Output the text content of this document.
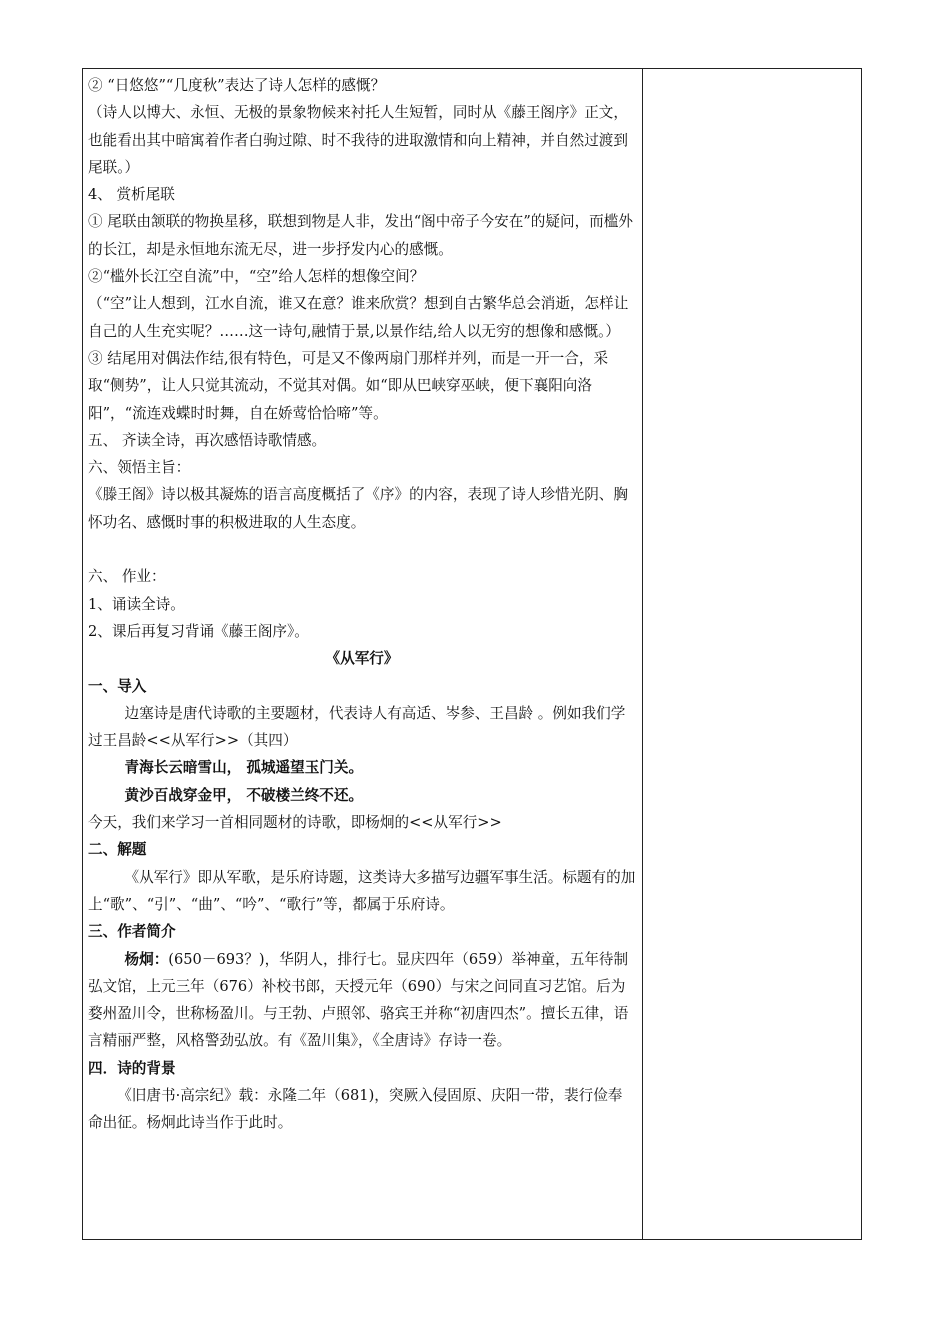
② “日悠悠”“几度秋”表达了诗人怎样的感慨？

（诗人以博大、永恒、无极的景象物候来衬托人生短暂，同时从《藤王阁序》正文，也能看出其中暗寓着作者白驹过隙、时不我待的进取激情和向上精神，并自然过渡到尾联。）

4、 赏析尾联

① 尾联由颔联的物换星移，联想到物是人非，发出“阁中帝子今安在”的疑问，而槛外的长江，却是永恒地东流无尽，进一步抒发内心的感慨。

②“槛外长江空自流”中，“空”给人怎样的想像空间？

（“空”让人想到，江水自流，谁又在意？谁来欣赏？想到自古繁华总会消逝，怎样让自己的人生充实呢？……这一诗句,融情于景,以景作结,给人以无穷的想像和感慨。）

③ 结尾用对偶法作结,很有特色，可是又不像两扇门那样并列，而是一开一合，采取“侧势”，让人只觉其流动，不觉其对偶。如“即从巴峡穿巫峡，便下襄阳向洛阳”，“流连戏蝶时时舞，自在娇莺恰恰啼”等。

五、 齐读全诗，再次感悟诗歌情感。

六、领悟主旨：

《滕王阁》诗以极其凝炼的语言高度概括了《序》的内容，表现了诗人珍惜光阴、胸怀功名、感慨时事的积极进取的人生态度。

六、 作业：

1、诵读全诗。

2、课后再复习背诵《藤王阁序》。

《从军行》

一、导入

边塞诗是唐代诗歌的主要题材，代表诗人有高适、岑参、王昌龄 。例如我们学过王昌龄<<从军行>>（其四）

青海长云暗雪山， 孤城遥望玉门关。

黄沙百战穿金甲， 不破楼兰终不还。

今天，我们来学习一首相同题材的诗歌，即杨炯的<<从军行>>

二、解题

《从军行》即从军歌，是乐府诗题，这类诗大多描写边疆军事生活。标题有的加上“歌”、“引”、“曲”、“吟”、“歌行”等，都属于乐府诗。

三、作者简介

杨炯：(650－693？)，华阴人，排行七。显庆四年（659）举神童，五年待制弘文馆，上元三年（676）补校书郎，天授元年（690）与宋之问同直习艺馆。后为婺州盈川令，世称杨盈川。与王勃、卢照邻、骆宾王并称“初唐四杰”。擅长五律，语言精丽严整，风格警劲弘放。有《盈川集》，《全唐诗》存诗一卷。

四．诗的背景

《旧唐书·高宗纪》载：永隆二年（681)，突厥入侵固原、庆阳一带，裴行俭奉命出征。杨炯此诗当作于此时。
